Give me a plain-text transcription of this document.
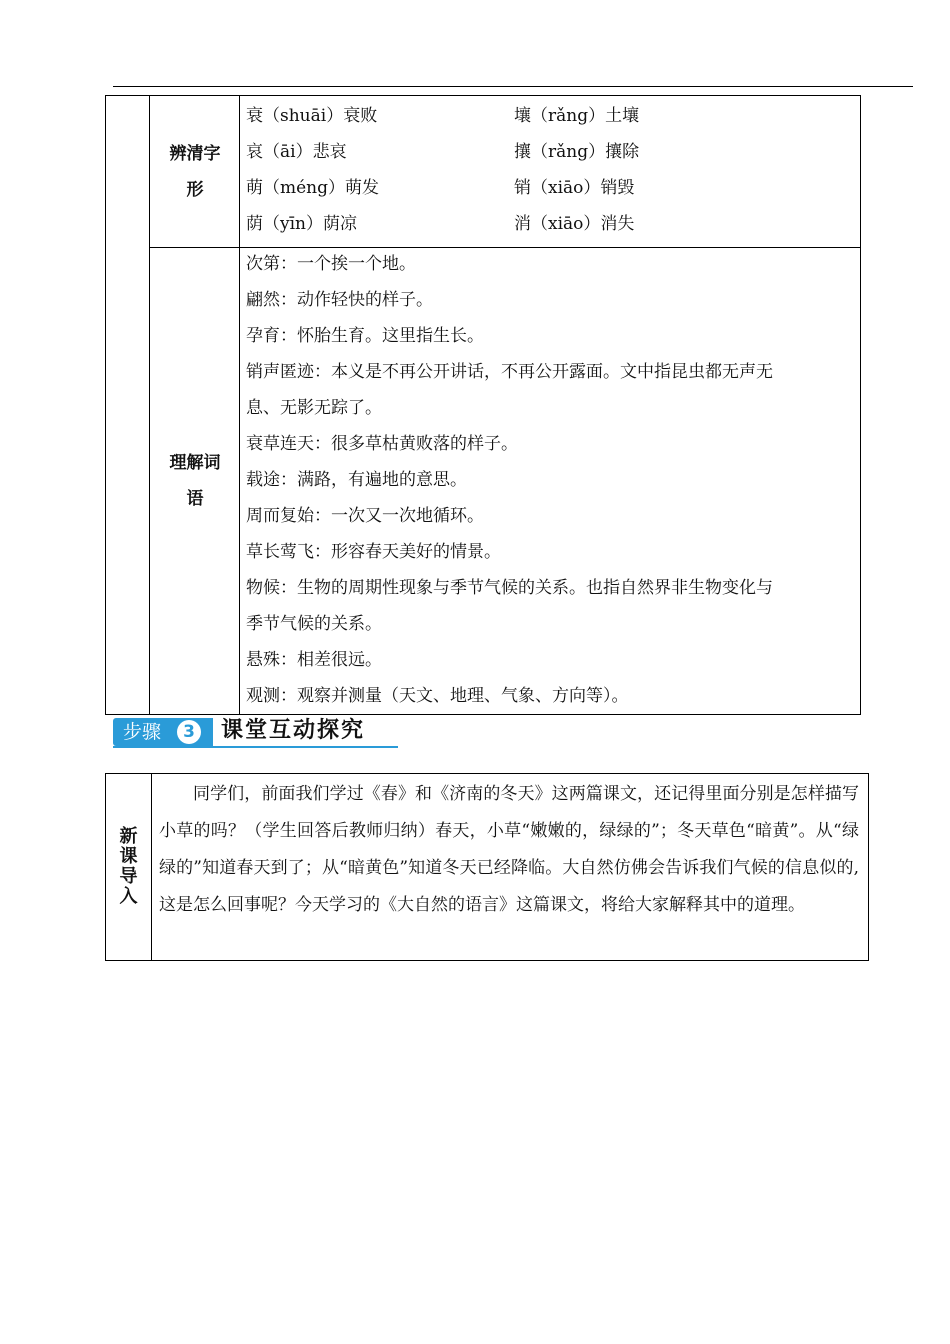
辨清字形
衰（shuāi）衰败	壤（rǎng）土壤
哀（āi）悲哀	攘（rǎng）攘除
萌（méng）萌发	销（xiāo）销毁
荫（yīn）荫凉	消（xiāo）消失
理解词语
次第：一个挨一个地。
翩然：动作轻快的样子。
孕育：怀胎生育。这里指生长。
销声匿迹：本义是不再公开讲话，不再公开露面。文中指昆虫都无声无
息、无影无踪了。
衰草连天：很多草枯黄败落的样子。
载途：满路，有遍地的意思。
周而复始：一次又一次地循环。
草长莺飞：形容春天美好的情景。
物候：生物的周期性现象与季节气候的关系。也指自然界非生物变化与
季节气候的关系。
悬殊：相差很远。
观测：观察并测量（天文、地理、气象、方向等）。
步骤	3 课堂互动探究
新课导入
同学们，前面我们学过《春》和《济南的冬天》这两篇课文，还记得里面分别是怎样描写小草的吗？（学生回答后教师归纳）春天，小草“嫩嫩的，绿绿的”；冬天草色“暗黄”。从“绿绿的”知道春天到了；从“暗黄色”知道冬天已经降临。大自然仿佛会告诉我们气候的信息似的,这是怎么回事呢？今天学习的《大自然的语言》这篇课文，将给大家解释其中的道理。
